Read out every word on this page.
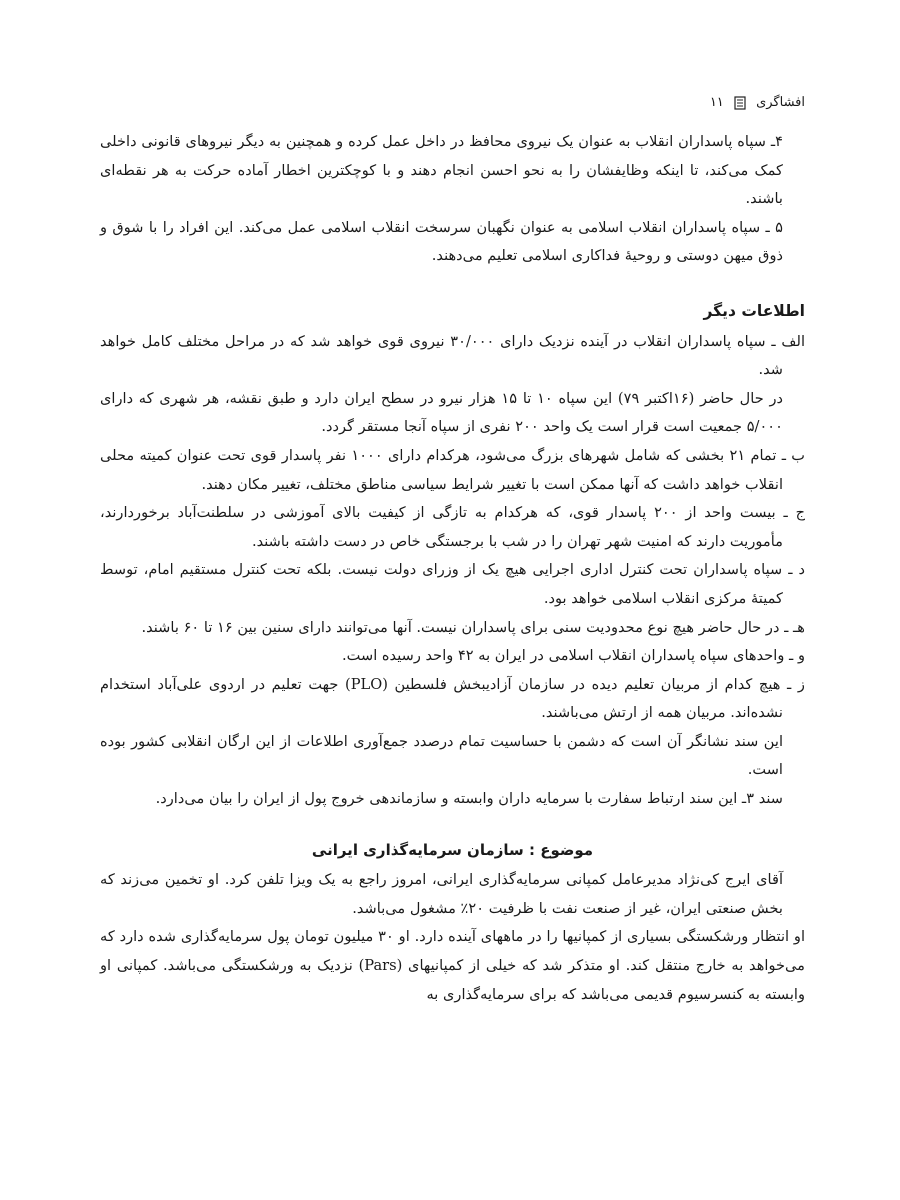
افشاگری  ۱۱

۴ـ سپاه پاسداران انقلاب به عنوان یک نیروی محافظ در داخل عمل کرده و همچنین به دیگر نیروهای قانونی داخلی کمک می‌کند، تا اینکه وظایفشان را به نحو احسن انجام دهند و با کوچکترین اخطار آماده حرکت به هر نقطه‌ای باشند.

۵ ـ سپاه پاسداران انقلاب اسلامی به عنوان نگهبان سرسخت انقلاب اسلامی عمل می‌کند. این افراد را با شوق و ذوق میهن دوستی و روحیهٔ فداکاری اسلامی تعلیم می‌دهند.

اطلاعات دیگر

الف ـ سپاه پاسداران انقلاب در آینده نزدیک دارای ۳۰/۰۰۰ نیروی قوی خواهد شد که در مراحل مختلف کامل خواهد شد.

در حال حاضر (۱۶اکتبر ۷۹) این سپاه ۱۰ تا ۱۵ هزار نیرو در سطح ایران دارد و طبق نقشه، هر شهری که دارای ۵/۰۰۰ جمعیت است قرار است یک واحد ۲۰۰ نفری از سپاه آنجا مستقر گردد.

ب ـ تمام ۲۱ بخشی که شامل شهرهای بزرگ می‌شود، هرکدام دارای ۱۰۰۰ نفر پاسدار قوی تحت عنوان کمیته محلی انقلاب خواهد داشت که آنها ممکن است با تغییر شرایط سیاسی مناطق مختلف، تغییر مکان دهند.

ج ـ بیست واحد از ۲۰۰ پاسدار قوی، که هرکدام به تازگی از کیفیت بالای آموزشی در سلطنت‌آباد برخوردارند، مأموریت دارند که امنیت شهر تهران را در شب با برجستگی خاص در دست داشته باشند.

د ـ سپاه پاسداران تحت کنترل اداری اجرایی هیچ یک از وزرای دولت نیست. بلکه تحت کنترل مستقیم امام، توسط کمیتهٔ مرکزی انقلاب اسلامی خواهد بود.

هـ ـ در حال حاضر هیچ نوع محدودیت سنی برای پاسداران نیست. آنها می‌توانند دارای سنین بین ۱۶ تا ۶۰ باشند.

و ـ واحدهای سپاه پاسداران انقلاب اسلامی در ایران به ۴۲ واحد رسیده است.

ز ـ هیچ کدام از مربیان تعلیم دیده در سازمان آزادیبخش فلسطین (PLO) جهت تعلیم در اردوی علی‌آباد استخدام نشده‌اند. مربیان همه از ارتش می‌باشند.

این سند نشانگر آن است که دشمن با حساسیت تمام درصدد جمع‌آوری اطلاعات از این ارگان انقلابی کشور بوده است.

سند ۳ـ این سند ارتباط سفارت با سرمایه داران وابسته و سازماندهی خروج پول از ایران را بیان می‌دارد.

موضوع : سازمان سرمایه‌گذاری ایرانی

آقای ایرج کی‌نژاد مدیرعامل کمپانی سرمایه‌گذاری ایرانی، امروز راجع به یک ویزا تلفن کرد. او تخمین می‌زند که بخش صنعتی ایران، غیر از صنعت نفت با ظرفیت ۲۰٪ مشغول می‌باشد.

او انتظار ورشکستگی بسیاری از کمپانیها را در ماههای آینده دارد. او ۳۰ میلیون تومان پول سرمایه‌گذاری شده دارد که می‌خواهد به خارج منتقل کند. او متذکر شد که خیلی از کمپانیهای (Pars) نزدیک به ورشکستگی می‌باشد. کمپانی او وابسته به کنسرسیوم قدیمی می‌باشد که برای سرمایه‌گذاری به
